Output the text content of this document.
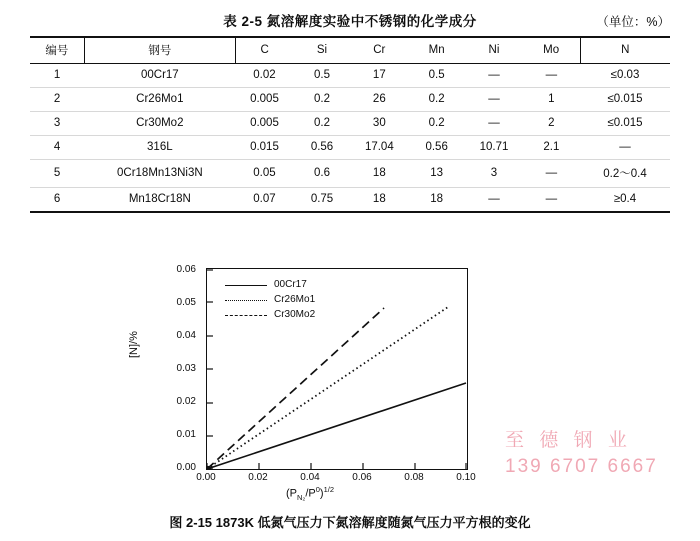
表 2-5 氮溶解度实验中不锈钢的化学成分	（单位：%）
编号	钢号	C	Si	Cr	Mn	Ni	Mo	N
1	00Cr17	0.02	0.5	17	0.5	—	—	≤0.03
2	Cr26Mo1	0.005	0.2	26	0.2	—	1	≤0.015
3	Cr30Mo2	0.005	0.2	30	0.2	—	2	≤0.015
4	316L	0.015	0.56	17.04	0.56	10.71	2.1	—
5	0Cr18Mn13Ni3N	0.05	0.6	18	13	3	—	0.2～0.4
6	Mn18Cr18N	0.07	0.75	18	18	—	—	≥0.4
[N]/%
0.00
0.01
0.02
0.03
0.04
0.05
0.06
0.00	0.02	0.04	0.06	0.08	0.10
00Cr17
Cr26Mo1
Cr30Mo2
$(P_{N_2}/P^0)^{1/2}$
图 2-15 1873K 低氮气压力下氮溶解度随氮气压力平方根的变化
至 德 钢 业
139 6707 6667
